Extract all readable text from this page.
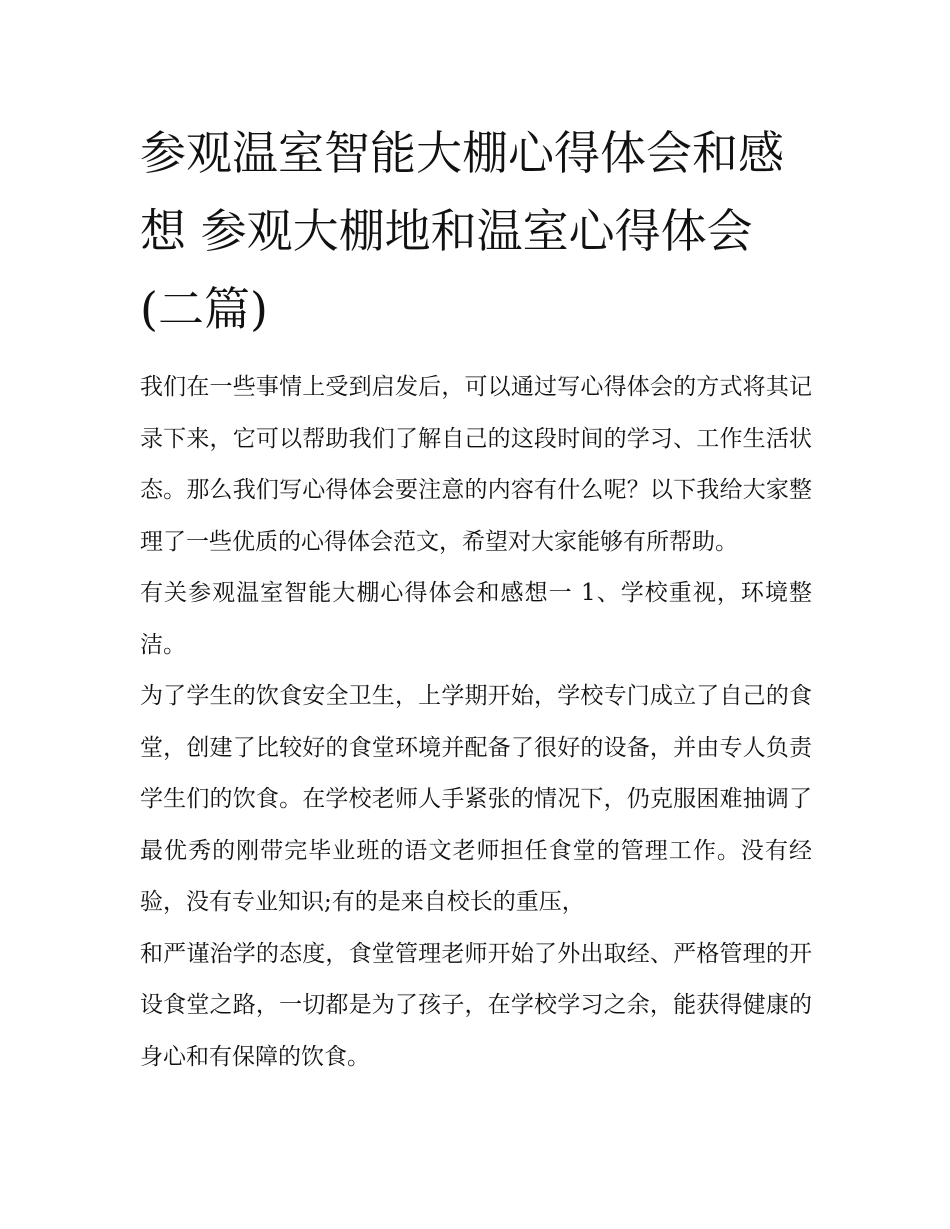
参观温室智能大棚心得体会和感想 参观大棚地和温室心得体会(二篇)

我们在一些事情上受到启发后，可以通过写心得体会的方式将其记录下来，它可以帮助我们了解自己的这段时间的学习、工作生活状态。那么我们写心得体会要注意的内容有什么呢？以下我给大家整理了一些优质的心得体会范文，希望对大家能够有所帮助。

有关参观温室智能大棚心得体会和感想一 1、学校重视，环境整洁。

为了学生的饮食安全卫生，上学期开始，学校专门成立了自己的食堂，创建了比较好的食堂环境并配备了很好的设备，并由专人负责学生们的饮食。在学校老师人手紧张的情况下，仍克服困难抽调了最优秀的刚带完毕业班的语文老师担任食堂的管理工作。没有经验，没有专业知识;有的是来自校长的重压，

和严谨治学的态度，食堂管理老师开始了外出取经、严格管理的开设食堂之路，一切都是为了孩子，在学校学习之余，能获得健康的身心和有保障的饮食。
